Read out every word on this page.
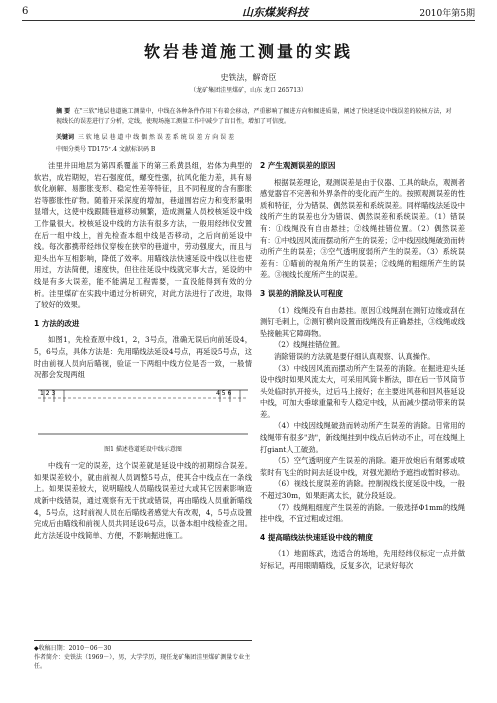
6	山东煤炭科技	2010年第5期
软岩巷道施工测量的实践
史铁法，解奇臣
（龙矿集团洼里煤矿，山东 龙口 265713）
摘 要 在"三软"地层巷道施工测量中，中线在各种条件作用下有着会移动，严重影响了掘进方向和掘进质量，阐述了快速延设中线误差的较核方法，对视线长的误差进行了分析，定线，使现场施工测量工作中减少了盲目性，增加了可信度。
关键词 三 软 地 层 巷 道 中 线 偶 然 误 差 系 统 误 差 方 向 误 差
中图分类号 TD175⁺.4 文献标识码 B

洼里井田地层为第四系覆盖下的第三系黄县组，岩体为典型的软岩，成岩期短，岩石强度低，螺变性强，抗风化能力差，具有易软化崩解、易膨胀变形、稳定性差等特征，且不同程度的含有膨胀岩等膨胀性矿物。随着开采深度的增加，巷道围岩应力和变形量明显增大，这使中线跟随巷道移动频繁，造成测量人员校核延设中线工作量很大。校核延设中线的方法有很多方法，一般用经纬仪安置在后一组中线上，首先检查本组中线是否移动，之后向前延设中线。每次都携带经纬仪穿梭在狭窄的巷道中，劳动强度大，而且与迎头出车互相影响，降低了效率。用瞄线法快速延设中线以往也使用过，方法简便，速度快，但往往延设中线就完事大吉，延设的中线是有多大误差，能不能满足工程需要，一直没能得到有效的分析。洼里煤矿在实践中通过分析研究，对此方法进行了改进，取得了较好的效果。

1 方法的改进

如图1，先检查原中线1，2，3号点，准确无误后向前延设4，5，6号点，具体方法是：先用瞄线法延设4号点，再延设5号点，这时由前视人员向后瞄视，验证一下两组中线方位是否一致，一般情况都会发现两组

1 2 3	4 5 6
图1 描述巷道延设中线示意图

中线有一定的误差，这个误差就是延设中线的初期综合误差。如果误差较小，就由前视人员调整5号点，使其合中线点在一条线上。如果误差较大，说明瞄线人员瞄线误差过大或其它因素影响造成新中线错误，通过观察有无干扰或错误，再由瞄线人员重新瞄线4，5号点，这时前视人员在后瞄线者感觉大有改观，4，5号点设置完成后由瞄线和前视人员共同延设6号点，以备本组中线检查之用。此方法延设中线简单、方便，不影响掘进施工。

◆收稿日期：2010－06－30
作者简介：史铁法（1969－），男，大学学历，现任龙矿集团洼里煤矿测量专业主任。
2 产生观测误差的原因

根据误差理论，观测误差是由于仪器、工具的缺点，观测者感觉器官不完善和外界条件的变化而产生的。按照观测误差的性质和特征，分为错误、偶然误差和系统误差。同样瞄线法延设中线所产生的误差也分为错误、偶然误差和系统误差。（1）错误有：①线绳没有自由悬挂；②线绳挂错位置。（2）偶然误差有：①中线因风流而摆动所产生的误差；②中线因线绳破劲而转动所产生的误差；③空气透明度弱所产生的误差。（3）系统误差有：①瞄前的视角所产生的误差；②线绳的粗细所产生的误差。③视线长度所产生的误差。

3 误差的消除及认可程度

（1）线绳没有自由悬挂。原因①线绳刮在测钉边缘或刮在测钉毛刺上，②测钉横向设置而线绳没有正确悬挂，③线绳或线坠接触其它障碍物。

（2）线绳挂错位置。

消除错误的方法就是要仔细认真观察、认真操作。

（3）中线因风流而摆动所产生误差的消除。在掘进迎头延设中线时如果风流太大，可采用风筒卡断法，即在后一节风筒节头处临时扒开接头，过后马上接好；在主要进风巷和回风巷延设中线，可加大垂球重量和专人稳定中线，从而减少摆动带来的误差。

（4）中线因线绳破劲而转动所产生误差的消除。日常用的线绳带有很多"劲"，新线绳挂到中线点后转动不止，可在线绳上打giant人工破劲。

（5）空气透明度产生误差的消除。避开放炮后有烟雾或喷浆时有飞尘的时间去延设中线，对强光源给予遮挡或暂时移动。

（6）视线长度误差的消除。控制视线长度延设中线，一般不超过30m，如果距离太长，就分段延设。

（7）线绳粗细度产生误差的消除。一般选择Φ1mm的线绳挂中线，不宜过粗或过细。

4 提高瞄线法快速延设中线的精度

（1）地面练武，选适合的场地，先用经纬仪标定一点并做好标记，再用眼睛瞄线，反复多次，记录好每次
